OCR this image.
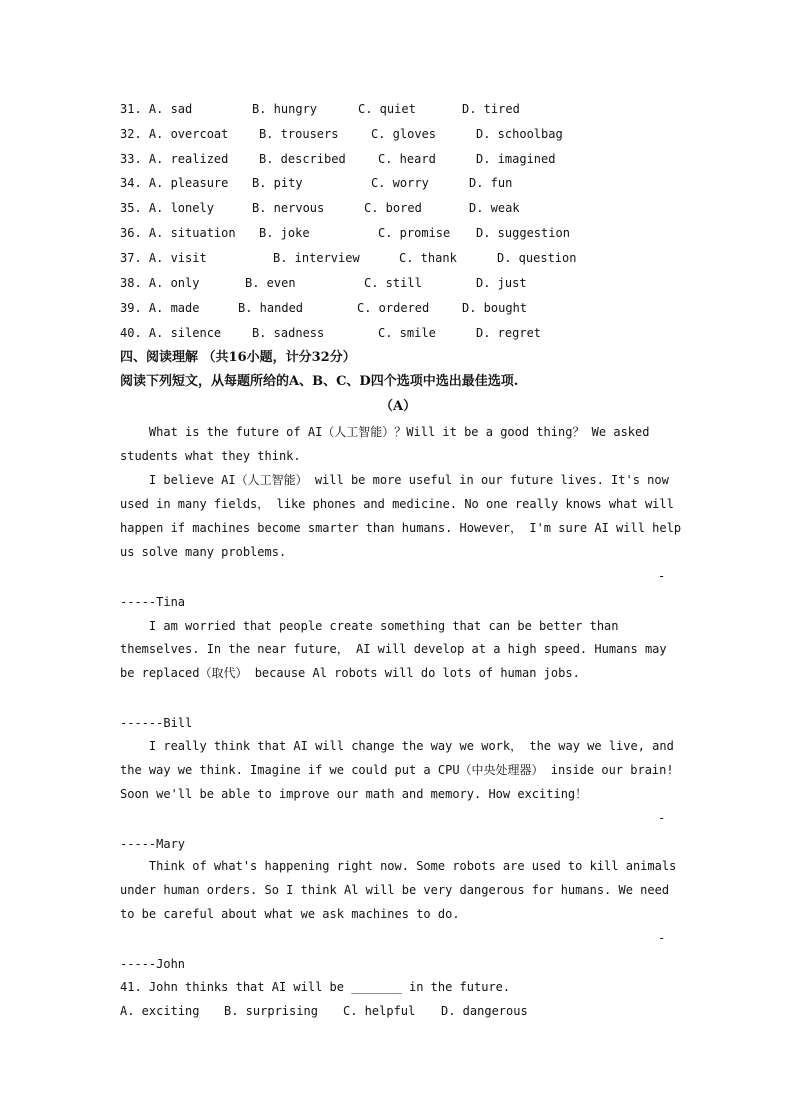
31. A. sad	B. hungry	C. quiet	D. tired
32. A. overcoat	B. trousers	C. gloves	D. schoolbag
33. A. realized	B. described	C. heard	D. imagined
34. A. pleasure B. pity	C. worry	D. fun
35. A. lonely	B. nervous	C. bored	D. weak
36. A. situation B. joke	C. promise D. suggestion
37. A. visit	B. interview	C. thank	D. question
38. A. only	B. even	C. still	D. just
39. A. made	B. handed	C. ordered	D. bought
40. A. silence	B. sadness	C. smile	D. regret
四、阅读理解 （共16小题，计分32分）
阅读下列短文，从每题所给的A、B、C、D四个选项中选出最佳选项.
（A）
What is the future of AI（人工智能）？Will it be a good thing？ We asked
students what they think.
I believe AI（人工智能） will be more useful in our future lives. It's now
used in many fields， like phones and medicine. No one really knows what will
happen if machines become smarter than humans. However， I'm sure AI will help
us solve many problems.
-
-----Tina
I am worried that people create something that can be better than
themselves. In the near future， AI will develop at a high speed. Humans may
be replaced（取代） because Al robots will do lots of human jobs.
------Bill
I really think that AI will change the way we work， the way we live, and
the way we think. Imagine if we could put a CPU（中央处理器） inside our brain!
Soon we'll be able to improve our math and memory. How exciting！
-
-----Mary
Think of what's happening right now. Some robots are used to kill animals
under human orders. So I think Al will be very dangerous for humans. We need
to be careful about what we ask machines to do.
-
-----John
41. John thinks that AI will be _______ in the future.
A. exciting B. surprising C. helpful D. dangerous
